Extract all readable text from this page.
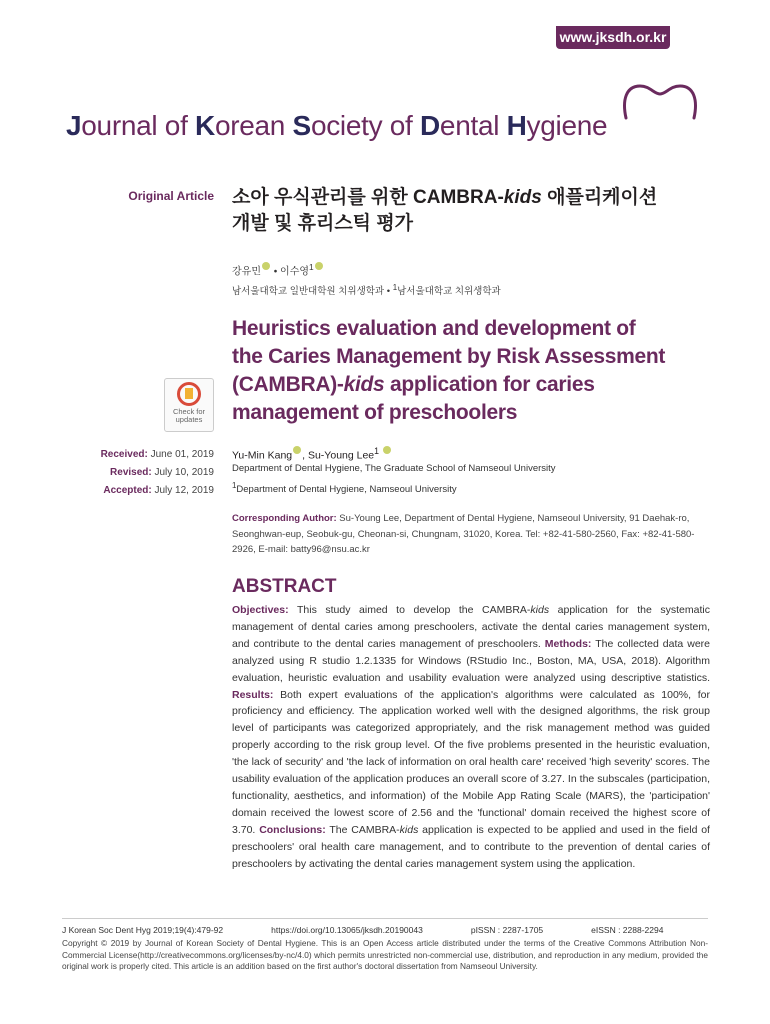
www.jksdh.or.kr
Journal of Korean Society of Dental Hygiene
Original Article 소아 우식관리를 위한 CAMBRA-kids 애플리케이션
개발 및 휴리스틱 평가
강유민 • 이수영$^1$
남서울대학교 일반대학원 치위생학과 • $^1$남서울대학교 치위생학과
Heuristics evaluation and development of
the Caries Management by Risk Assessment
(CAMBRA)-kids application for caries
management of preschoolers
Check for
updates
Received: June 01, 2019
Revised: July 10, 2019
Accepted: July 12, 2019
Yu-Min Kang , Su-Young Lee$^1$
Department of Dental Hygiene, The Graduate School of Namseoul University
$^1$Department of Dental Hygiene, Namseoul University
Corresponding Author: Su-Young Lee, Department of Dental Hygiene, Namseoul University, 91 Daehak-ro, Seonghwan-eup, Seobuk-gu, Cheonan-si, Chungnam, 31020, Korea. Tel: +82-41-580-2560, Fax: +82-41-580-2926, E-mail: batty96@nsu.ac.kr
ABSTRACT
Objectives: This study aimed to develop the CAMBRA-kids application for the systematic management of dental caries among preschoolers, activate the dental caries management system, and contribute to the dental caries management of preschoolers. Methods: The collected data were analyzed using R studio 1.2.1335 for Windows (RStudio Inc., Boston, MA, USA, 2018). Algorithm evaluation, heuristic evaluation and usability evaluation were analyzed using descriptive statistics. Results: Both expert evaluations of the application's algorithms were calculated as 100%, for proficiency and efficiency. The application worked well with the designed algorithms, the risk group level of participants was categorized appropriately, and the risk management method was guided properly according to the risk group level. Of the five problems presented in the heuristic evaluation, 'the lack of security' and 'the lack of information on oral health care' received 'high severity' scores. The usability evaluation of the application produces an overall score of 3.27. In the subscales (participation, functionality, aesthetics, and information) of the Mobile App Rating Scale (MARS), the 'participation' domain received the lowest score of 2.56 and the 'functional' domain received the highest score of 3.70. Conclusions: The CAMBRA-kids application is expected to be applied and used in the field of preschoolers' oral health care management, and to contribute to the prevention of dental caries of preschoolers by activating the dental caries management system using the application.
J Korean Soc Dent Hyg 2019;19(4):479-92	https://doi.org/10.13065/jksdh.20190043	pISSN : 2287-1705	eISSN : 2288-2294
Copyright © 2019 by Journal of Korean Society of Dental Hygiene. This is an Open Access article distributed under the terms of the Creative Commons Attribution Non-Commercial License(http://creativecommons.org/licenses/by-nc/4.0) which permits unrestricted non-commercial use, distribution, and reproduction in any medium, provided the original work is properly cited. This article is an addition based on the first author's doctoral dissertation from Namseoul University.
